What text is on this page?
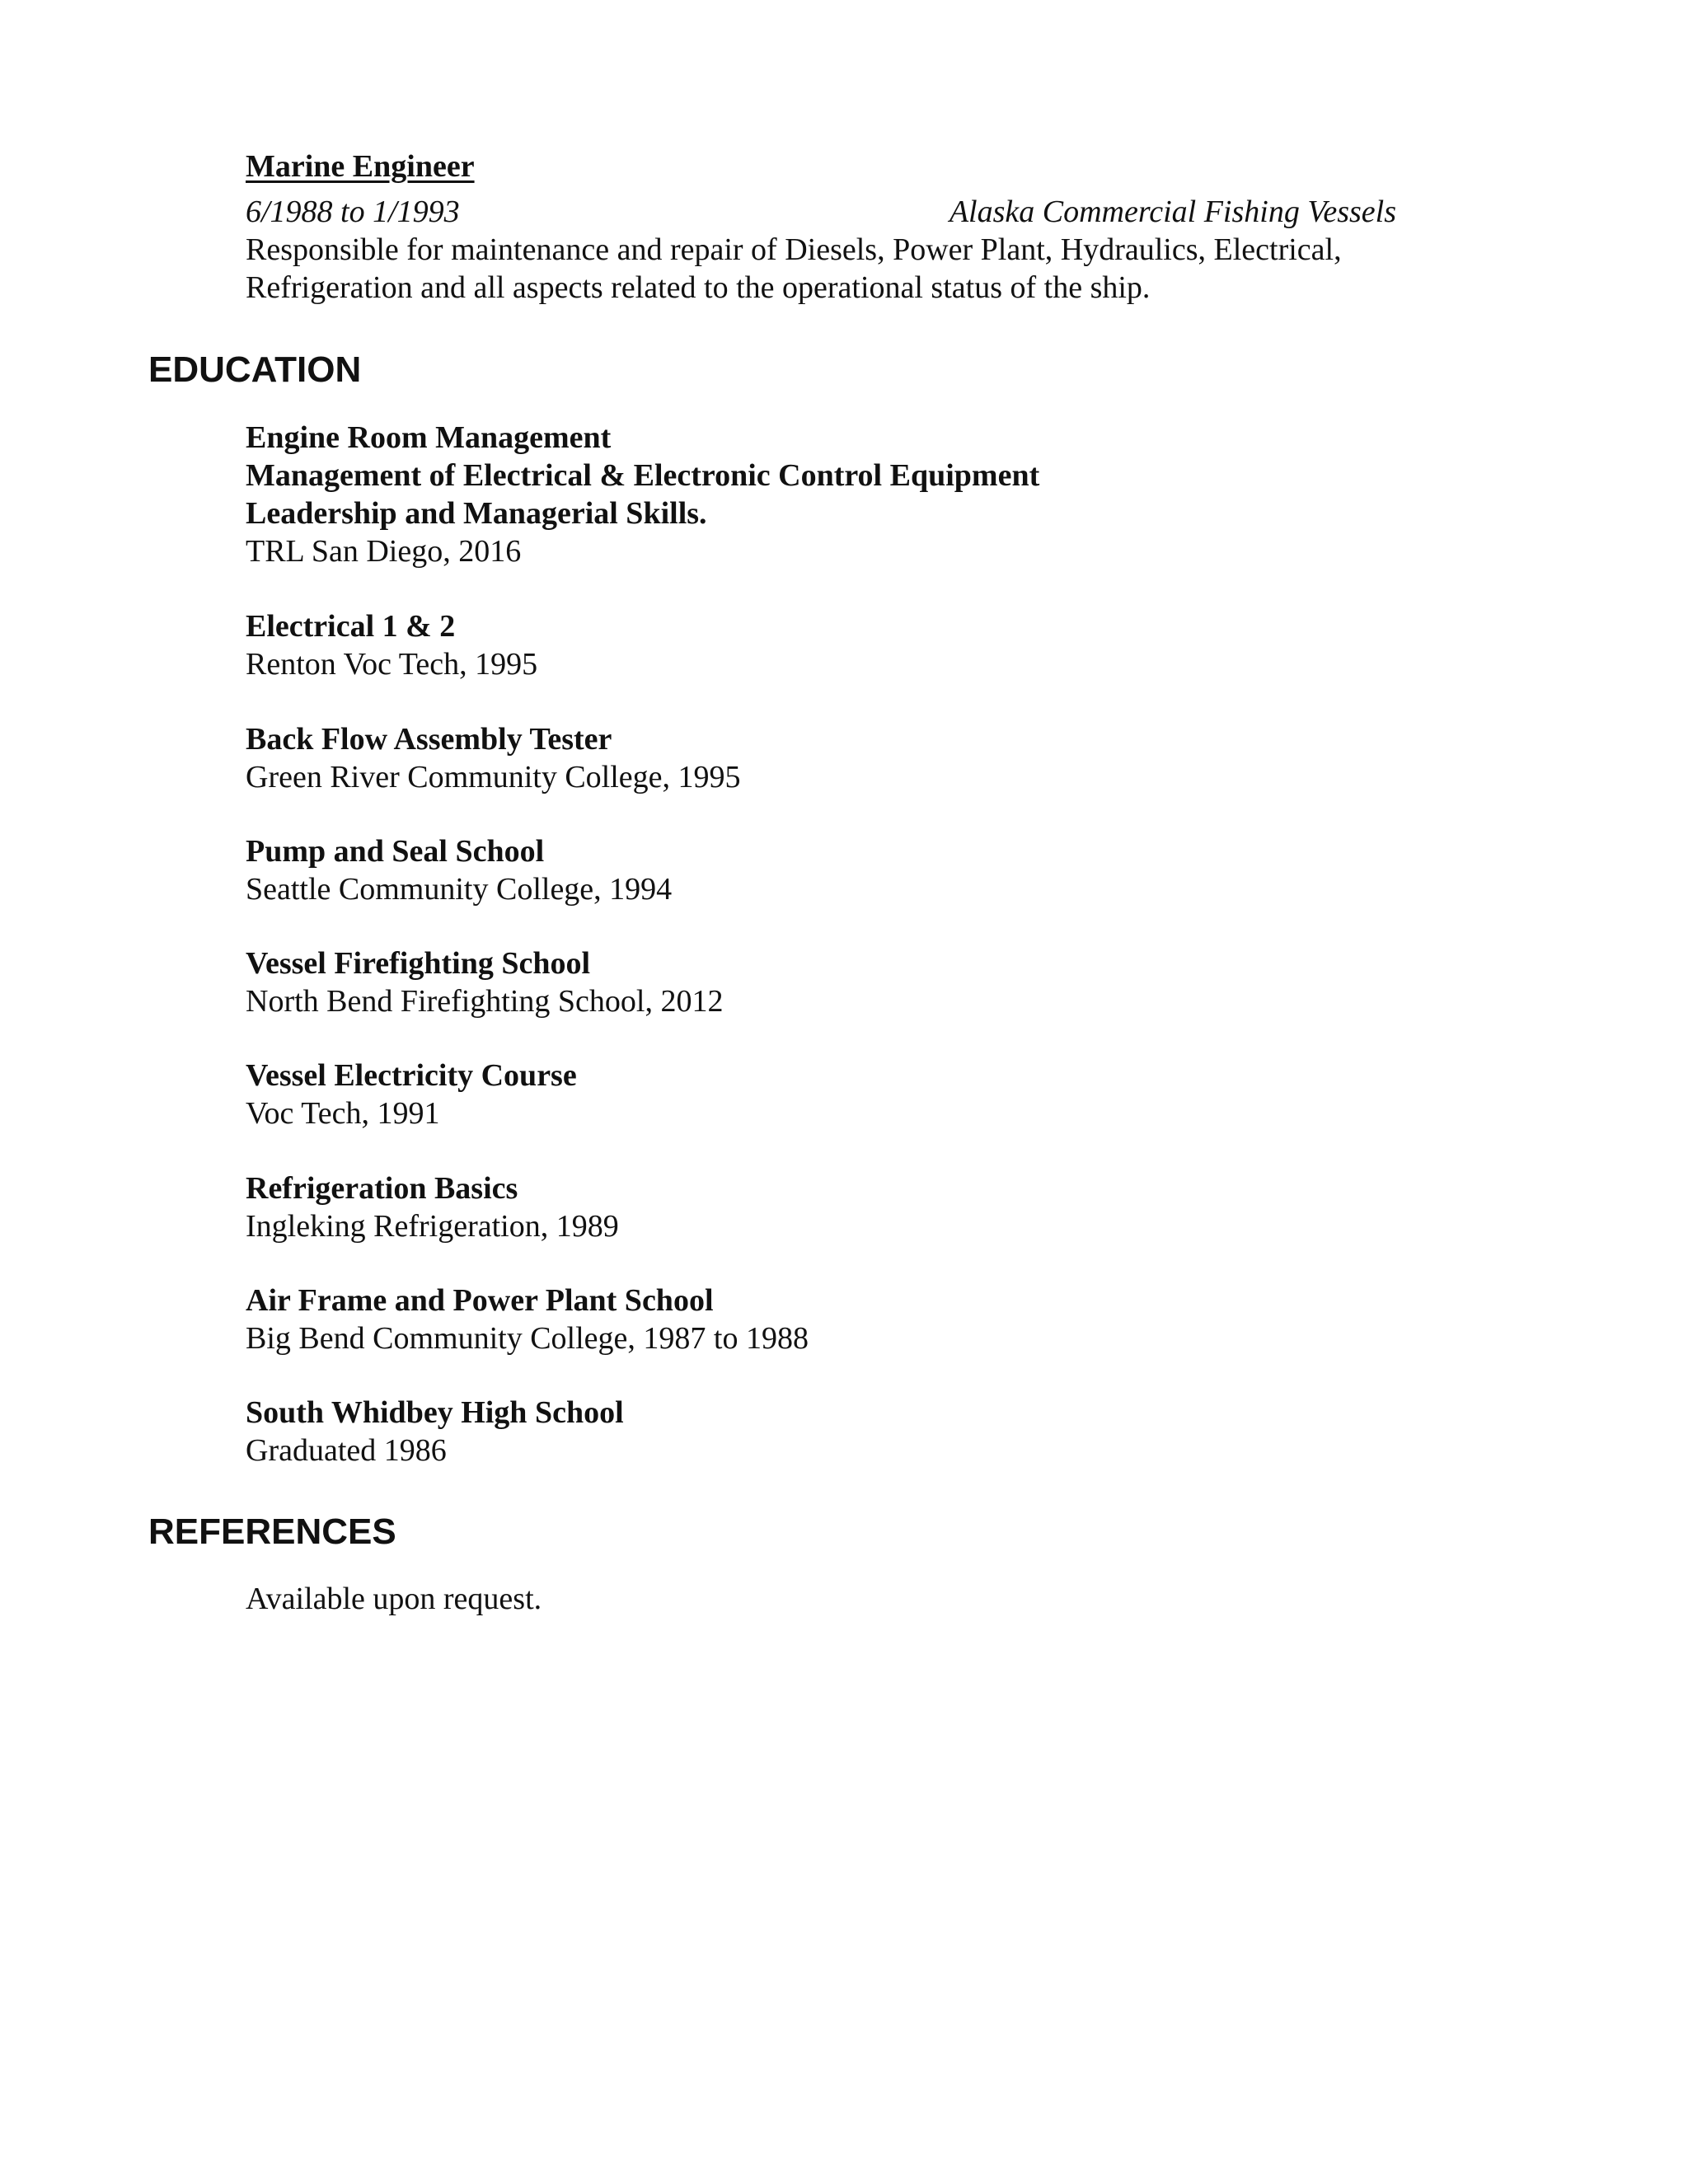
Marine Engineer
6/1988 to 1/1993	Alaska Commercial Fishing Vessels
Responsible for maintenance and repair of Diesels, Power Plant, Hydraulics, Electrical,
Refrigeration and all aspects related to the operational status of the ship.
EDUCATION
Engine Room Management
Management of Electrical & Electronic Control Equipment
Leadership and Managerial Skills.
TRL San Diego, 2016
Electrical 1 & 2
Renton Voc Tech, 1995
Back Flow Assembly Tester
Green River Community College, 1995
Pump and Seal School
Seattle Community College, 1994
Vessel Firefighting School
North Bend Firefighting School, 2012
Vessel Electricity Course
Voc Tech, 1991
Refrigeration Basics
Ingleking Refrigeration, 1989
Air Frame and Power Plant School
Big Bend Community College, 1987 to 1988
South Whidbey High School
Graduated 1986
REFERENCES
Available upon request.
